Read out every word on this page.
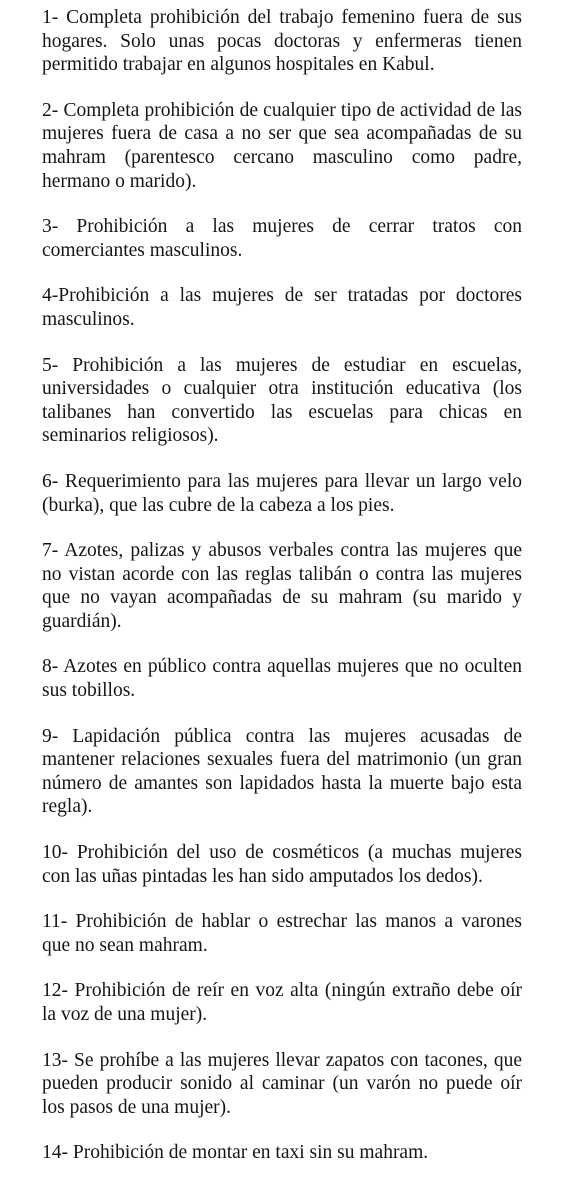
1- Completa prohibición del trabajo femenino fuera de sus hogares. Solo unas pocas doctoras y enfermeras tienen permitido trabajar en algunos hospitales en Kabul.

2- Completa prohibición de cualquier tipo de actividad de las mujeres fuera de casa a no ser que sea acompañadas de su mahram (parentesco cercano masculino como padre, hermano o marido).

3- Prohibición a las mujeres de cerrar tratos con comerciantes masculinos.

4-Prohibición a las mujeres de ser tratadas por doctores masculinos.

5- Prohibición a las mujeres de estudiar en escuelas, universidades o cualquier otra institución educativa (los talibanes han convertido las escuelas para chicas en seminarios religiosos).

6- Requerimiento para las mujeres para llevar un largo velo (burka), que las cubre de la cabeza a los pies.

7- Azotes, palizas y abusos verbales contra las mujeres que no vistan acorde con las reglas talibán o contra las mujeres que no vayan acompañadas de su mahram (su marido y guardián).

8- Azotes en público contra aquellas mujeres que no oculten sus tobillos.

9- Lapidación pública contra las mujeres acusadas de mantener relaciones sexuales fuera del matrimonio (un gran número de amantes son lapidados hasta la muerte bajo esta regla).

10- Prohibición del uso de cosméticos (a muchas mujeres con las uñas pintadas les han sido amputados los dedos).

11- Prohibición de hablar o estrechar las manos a varones que no sean mahram.

12- Prohibición de reír en voz alta (ningún extraño debe oír la voz de una mujer).

13- Se prohíbe a las mujeres llevar zapatos con tacones, que pueden producir sonido al caminar (un varón no puede oír los pasos de una mujer).

14- Prohibición de montar en taxi sin su mahram.
